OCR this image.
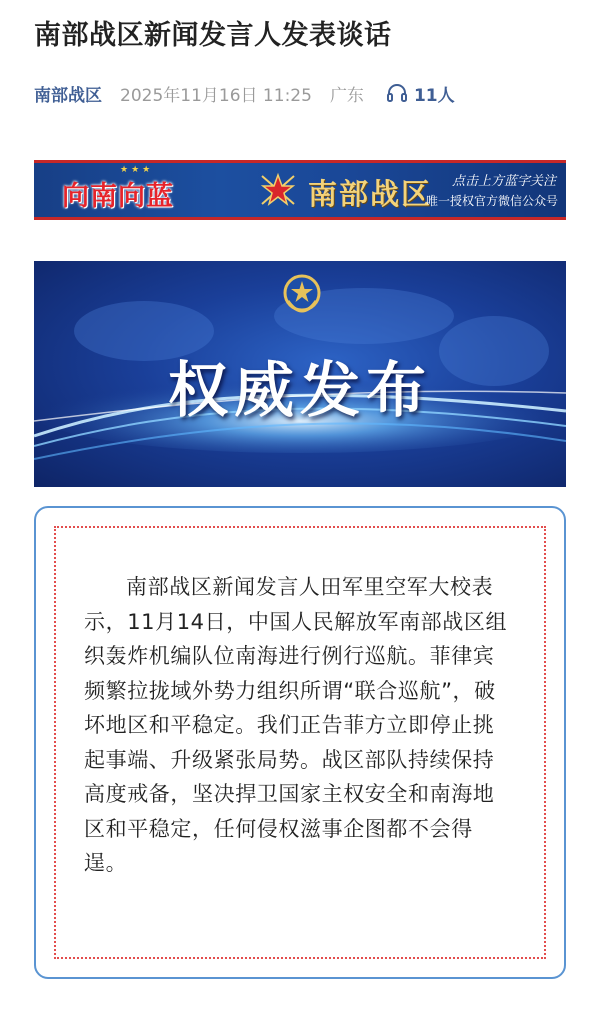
南部战区新闻发言人发表谈话
南部战区 2025年11月16日 11:25 广东	11人
★★★
向南向蓝	南部战区 点击上方蓝字关注
唯一授权官方微信公众号
权威发布
南部战区新闻发言人田军里空军大校表
示，11月14日，中国人民解放军南部战区组
织轰炸机编队位南海进行例行巡航。菲律宾
频繁拉拢域外势力组织所谓“联合巡航”，破
坏地区和平稳定。我们正告菲方立即停止挑
起事端、升级紧张局势。战区部队持续保持
高度戒备，坚决捍卫国家主权安全和南海地
区和平稳定，任何侵权滋事企图都不会得
逞。
